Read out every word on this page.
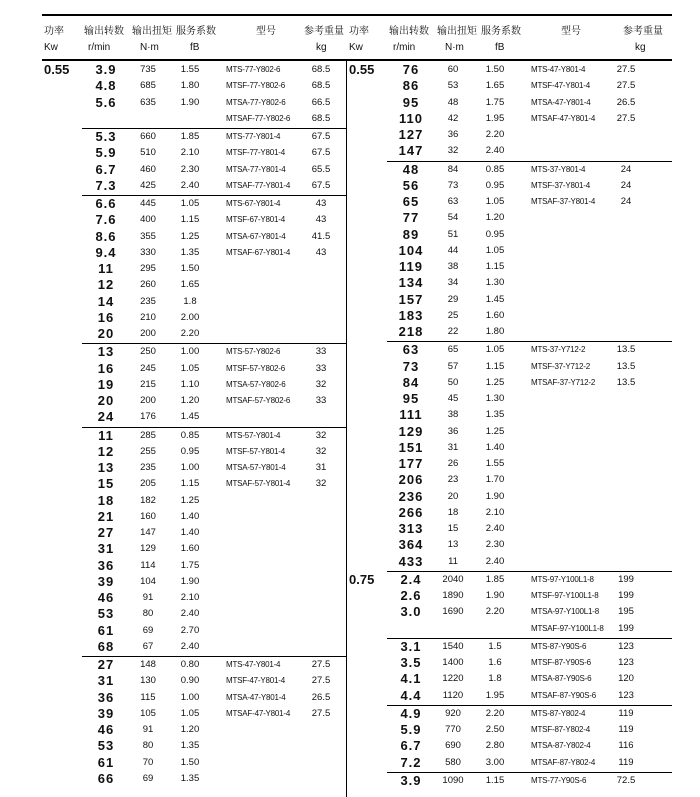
功率 输出转数 输出扭矩 服务系数	型号	参考重量
Kw	r/min	N·m	fB	kg
功率 输出转数 输出扭矩 服务系数	型号	参考重量
Kw	r/min	N·m	fB	kg
0.55	3.9	735	1.55	MTS-77-Y802-6	68.5
4.8	685	1.80	MTSF-77-Y802-6	68.5
5.6	635	1.90	MTSA-77-Y802-6	66.5
MTSAF-77-Y802-6	68.5
5.3	660	1.85	MTS-77-Y801-4	67.5
5.9	510	2.10	MTSF-77-Y801-4	67.5
6.7	460	2.30	MTSA-77-Y801-4	65.5
7.3	425	2.40	MTSAF-77-Y801-4	67.5
6.6	445	1.05	MTS-67-Y801-4	43
7.6	400	1.15	MTSF-67-Y801-4	43
8.6	355	1.25	MTSA-67-Y801-4	41.5
9.4	330	1.35	MTSAF-67-Y801-4	43
11	295	1.50
12	260	1.65
14	235	1.8
16	210	2.00
20	200	2.20
13	250	1.00	MTS-57-Y802-6	33
16	245	1.05	MTSF-57-Y802-6	33
19	215	1.10	MTSA-57-Y802-6	32
20	200	1.20	MTSAF-57-Y802-6	33
24	176	1.45
11	285	0.85	MTS-57-Y801-4	32
12	255	0.95	MTSF-57-Y801-4	32
13	235	1.00	MTSA-57-Y801-4	31
15	205	1.15	MTSAF-57-Y801-4	32
18	182	1.25
21	160	1.40
27	147	1.40
31	129	1.60
36	114	1.75
39	104	1.90
46	91	2.10
53	80	2.40
61	69	2.70
68	67	2.40
27	148	0.80	MTS-47-Y801-4	27.5
31	130	0.90	MTSF-47-Y801-4	27.5
36	115	1.00	MTSA-47-Y801-4	26.5
39	105	1.05	MTSAF-47-Y801-4	27.5
46	91	1.20
53	80	1.35
61	70	1.50
66	69	1.35
0.55	76	60	1.50	MTS-47-Y801-4	27.5
86	53	1.65	MTSF-47-Y801-4	27.5
95	48	1.75	MTSA-47-Y801-4	26.5
110	42	1.95	MTSAF-47-Y801-4	27.5
127	36	2.20
147	32	2.40
48	84	0.85	MTS-37-Y801-4	24
56	73	0.95	MTSF-37-Y801-4	24
65	63	1.05	MTSAF-37-Y801-4	24
77	54	1.20
89	51	0.95
104	44	1.05
119	38	1.15
134	34	1.30
157	29	1.45
183	25	1.60
218	22	1.80
63	65	1.05	MTS-37-Y712-2	13.5
73	57	1.15	MTSF-37-Y712-2	13.5
84	50	1.25	MTSAF-37-Y712-2	13.5
95	45	1.30
111	38	1.35
129	36	1.25
151	31	1.40
177	26	1.55
206	23	1.70
236	20	1.90
266	18	2.10
313	15	2.40
364	13	2.30
433	11	2.40
0.75	2.4	2040	1.85	MTS-97-Y100L1-8	199
2.6	1890	1.90	MTSF-97-Y100L1-8	199
3.0	1690	2.20	MTSA-97-Y100L1-8	195
MTSAF-97-Y100L1-8	199
3.1	1540	1.5	MTS-87-Y90S-6	123
3.5	1400	1.6	MTSF-87-Y90S-6	123
4.1	1220	1.8	MTSA-87-Y90S-6	120
4.4	1120	1.95	MTSAF-87-Y90S-6	123
4.9	920	2.20	MTS-87-Y802-4	119
5.9	770	2.50	MTSF-87-Y802-4	119
6.7	690	2.80	MTSA-87-Y802-4	116
7.2	580	3.00	MTSAF-87-Y802-4	119
3.9	1090	1.15	MTS-77-Y90S-6	72.5
